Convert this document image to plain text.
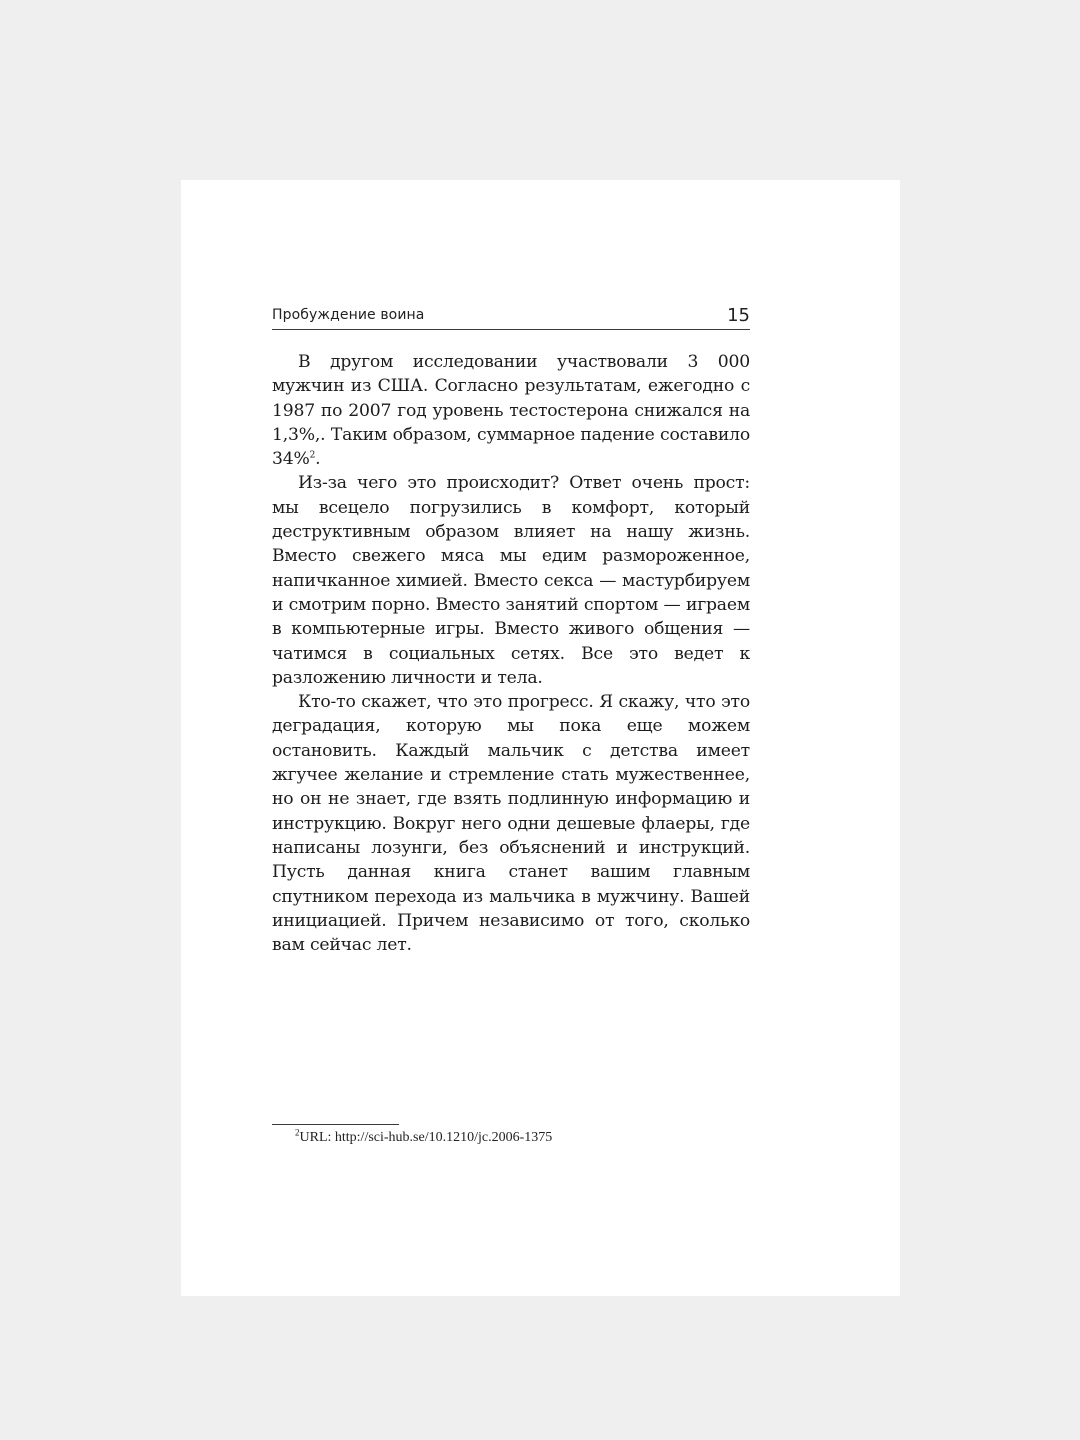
Пробуждение воина	15

В другом исследовании участвовали 3 000 мужчин из США. Согласно результатам, ежегодно с 1987 по 2007 год уровень тестостерона снижался на 1,3%,. Таким образом, суммарное падение составило 34%$^2$.

Из-за чего это происходит? Ответ очень прост: мы всецело погрузились в комфорт, который деструктивным образом влияет на нашу жизнь. Вместо свежего мяса мы едим размороженное, напичканное химией. Вместо секса — мастурбируем и смотрим порно. Вместо занятий спортом — играем в компьютерные игры. Вместо живого общения — чатимся в социальных сетях. Все это ведет к разложению личности и тела.

Кто-то скажет, что это прогресс. Я скажу, что это деградация, которую мы пока еще можем остановить. Каждый мальчик с детства имеет жгучее желание и стремление стать мужественнее, но он не знает, где взять подлинную информацию и инструкцию. Вокруг него одни дешевые флаеры, где написаны лозунги, без объяснений и инструкций. Пусть данная книга станет вашим главным спутником перехода из мальчика в мужчину. Вашей инициацией. Причем независимо от того, сколько вам сейчас лет.

$^2$URL: http://sci-hub.se/10.1210/jc.2006-1375
